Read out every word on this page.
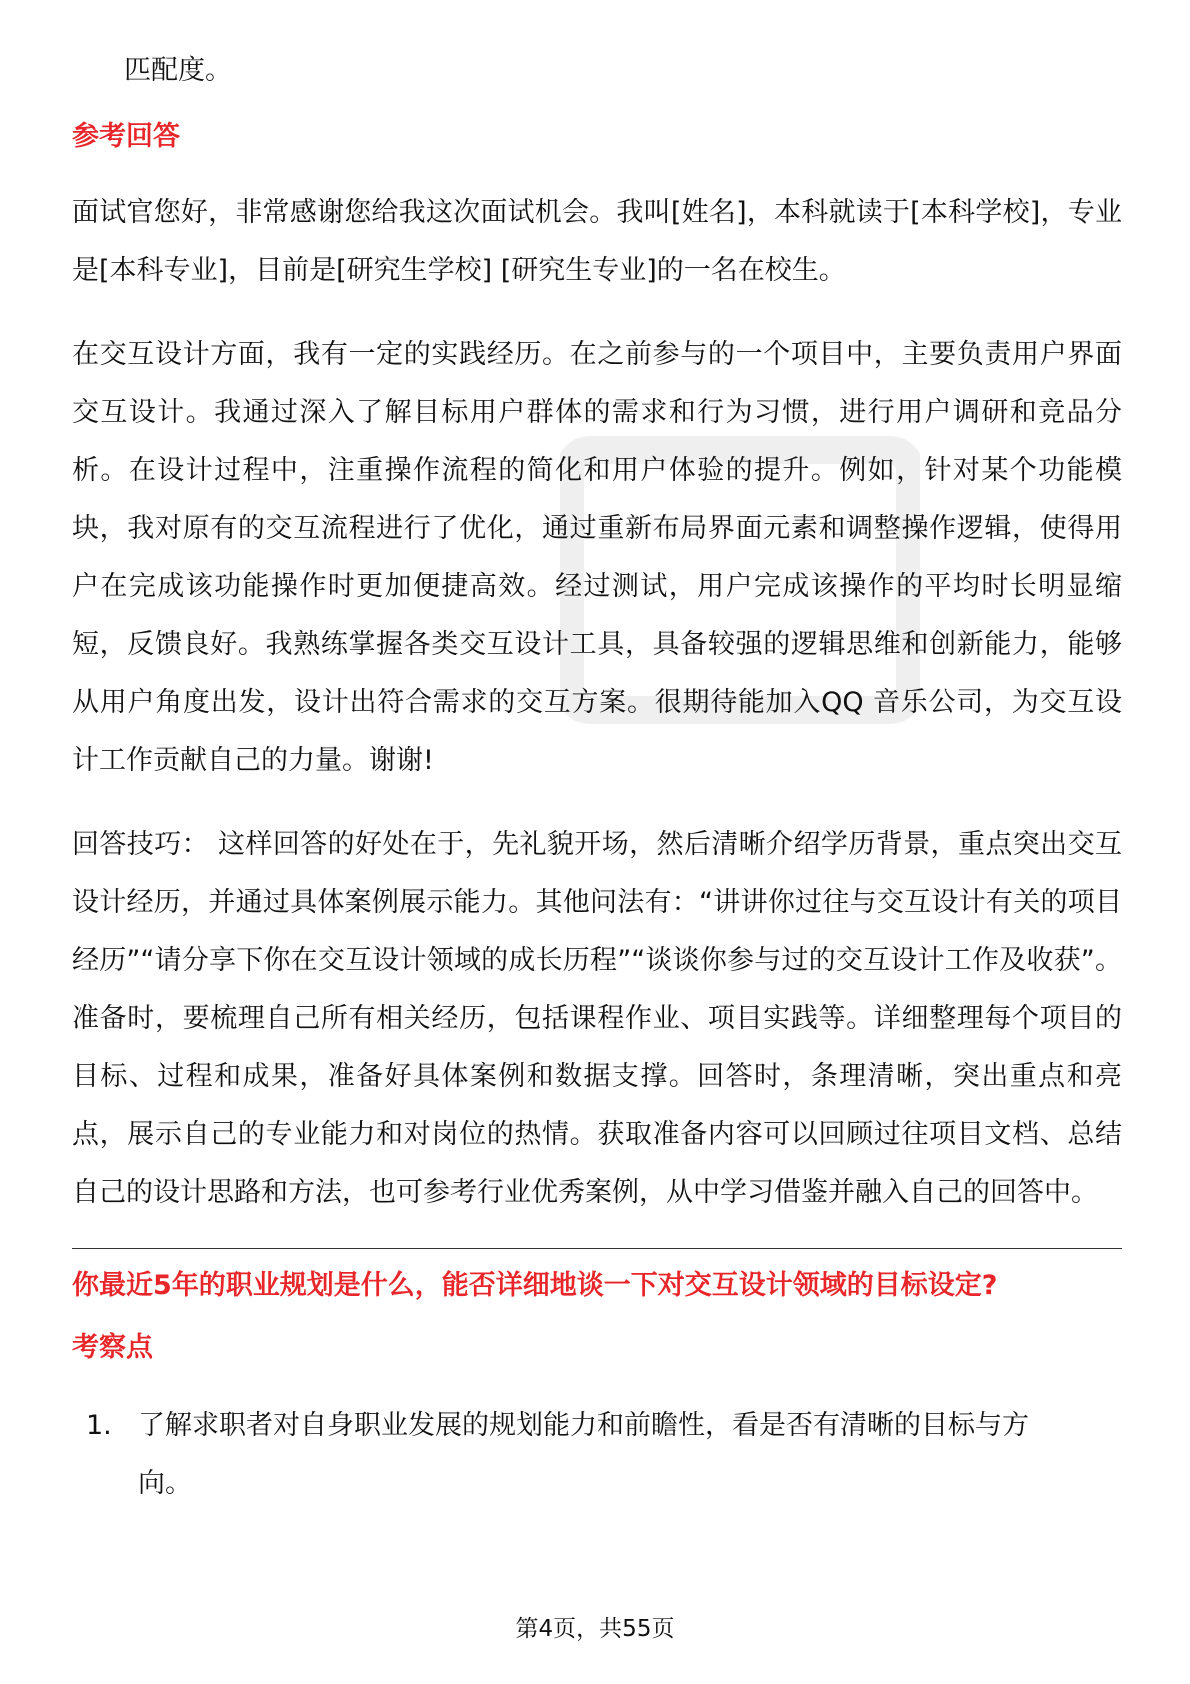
匹配度。

参考回答

面试官您好，非常感谢您给我这次面试机会。我叫[姓名]，本科就读于[本科学校]，专业是[本科专业]，目前是[研究生学校] [研究生专业]的一名在校生。

在交互设计方面，我有一定的实践经历。在之前参与的一个项目中，主要负责用户界面交互设计。我通过深入了解目标用户群体的需求和行为习惯，进行用户调研和竞品分析。在设计过程中，注重操作流程的简化和用户体验的提升。例如，针对某个功能模块，我对原有的交互流程进行了优化，通过重新布局界面元素和调整操作逻辑，使得用户在完成该功能操作时更加便捷高效。经过测试，用户完成该操作的平均时长明显缩短，反馈良好。我熟练掌握各类交互设计工具，具备较强的逻辑思维和创新能力，能够从用户角度出发，设计出符合需求的交互方案。很期待能加入QQ 音乐公司，为交互设计工作贡献自己的力量。谢谢!

回答技巧： 这样回答的好处在于，先礼貌开场，然后清晰介绍学历背景，重点突出交互设计经历，并通过具体案例展示能力。其他问法有：“讲讲你过往与交互设计有关的项目经历”“请分享下你在交互设计领域的成长历程”“谈谈你参与过的交互设计工作及收获”。 准备时，要梳理自己所有相关经历，包括课程作业、项目实践等。详细整理每个项目的目标、过程和成果，准备好具体案例和数据支撑。回答时，条理清晰，突出重点和亮点，展示自己的专业能力和对岗位的热情。获取准备内容可以回顾过往项目文档、总结自己的设计思路和方法，也可参考行业优秀案例，从中学习借鉴并融入自己的回答中。

你最近5年的职业规划是什么，能否详细地谈一下对交互设计领域的目标设定?
考察点
1. 了解求职者对自身职业发展的规划能力和前瞻性，看是否有清晰的目标与方向。
第4页，共55页
